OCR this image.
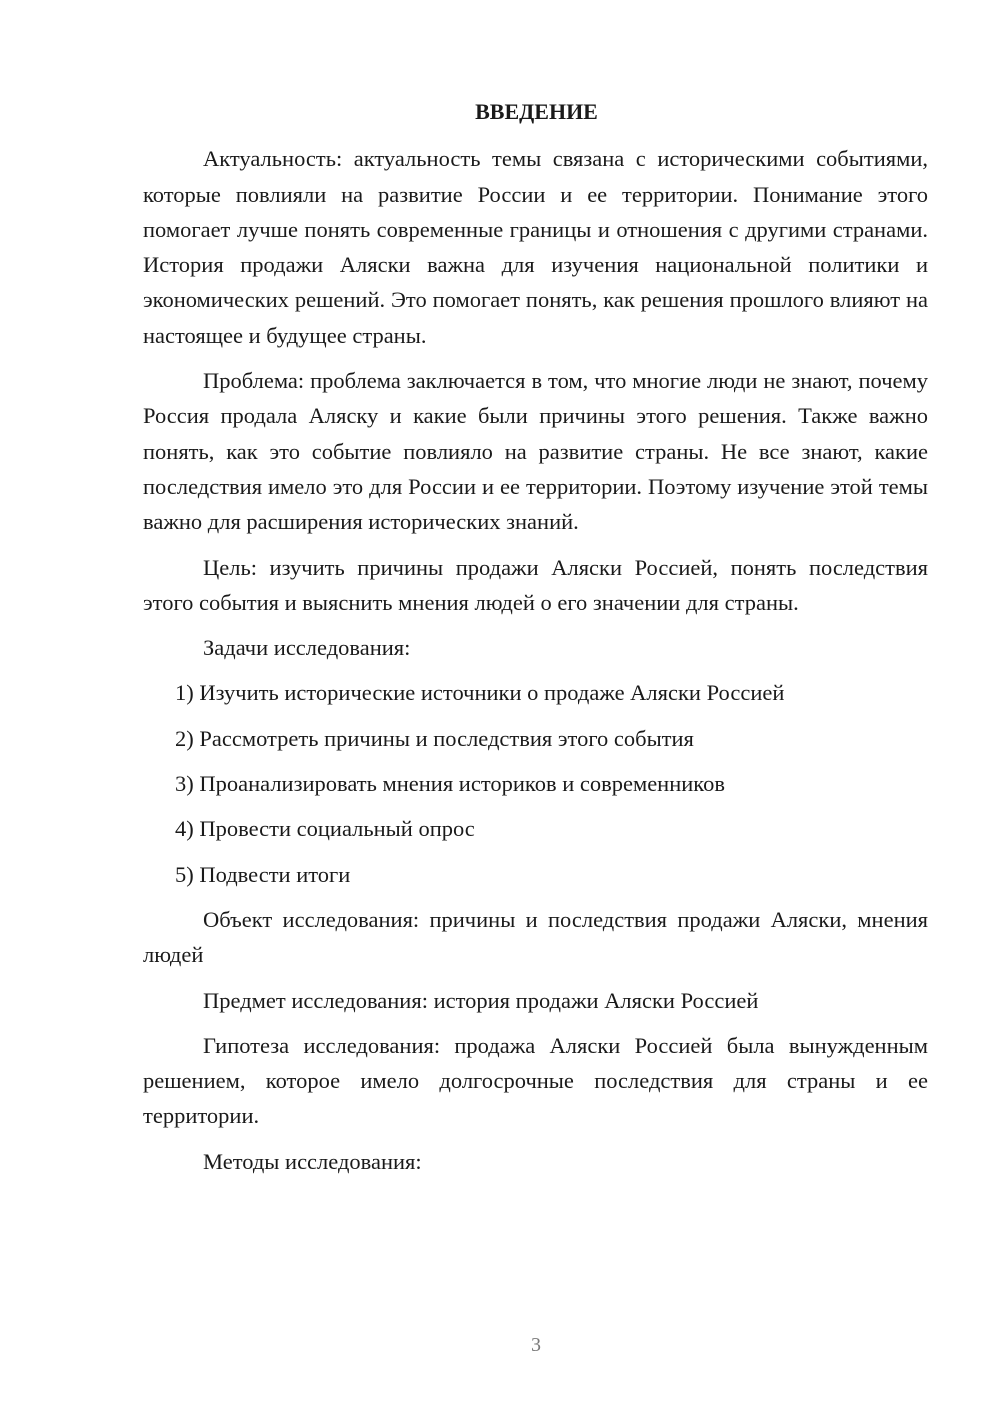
ВВЕДЕНИЕ

Актуальность: актуальность темы связана с историческими событиями, которые повлияли на развитие России и ее территории. Понимание этого помогает лучше понять современные границы и отношения с другими странами. История продажи Аляски важна для изучения национальной политики и экономических решений. Это помогает понять, как решения прошлого влияют на настоящее и будущее страны.

Проблема: проблема заключается в том, что многие люди не знают, почему Россия продала Аляску и какие были причины этого решения. Также важно понять, как это событие повлияло на развитие страны. Не все знают, какие последствия имело это для России и ее территории. Поэтому изучение этой темы важно для расширения исторических знаний.

Цель: изучить причины продажи Аляски Россией, понять последствия этого события и выяснить мнения людей о его значении для страны.

Задачи исследования:

1) Изучить исторические источники о продаже Аляски Россией
2) Рассмотреть причины и последствия этого события
3) Проанализировать мнения историков и современников
4) Провести социальный опрос
5) Подвести итоги

Объект исследования: причины и последствия продажи Аляски, мнения людей

Предмет исследования: история продажи Аляски Россией

Гипотеза исследования: продажа Аляски Россией была вынужденным решением, которое имело долгосрочные последствия для страны и ее территории.

Методы исследования:

3
